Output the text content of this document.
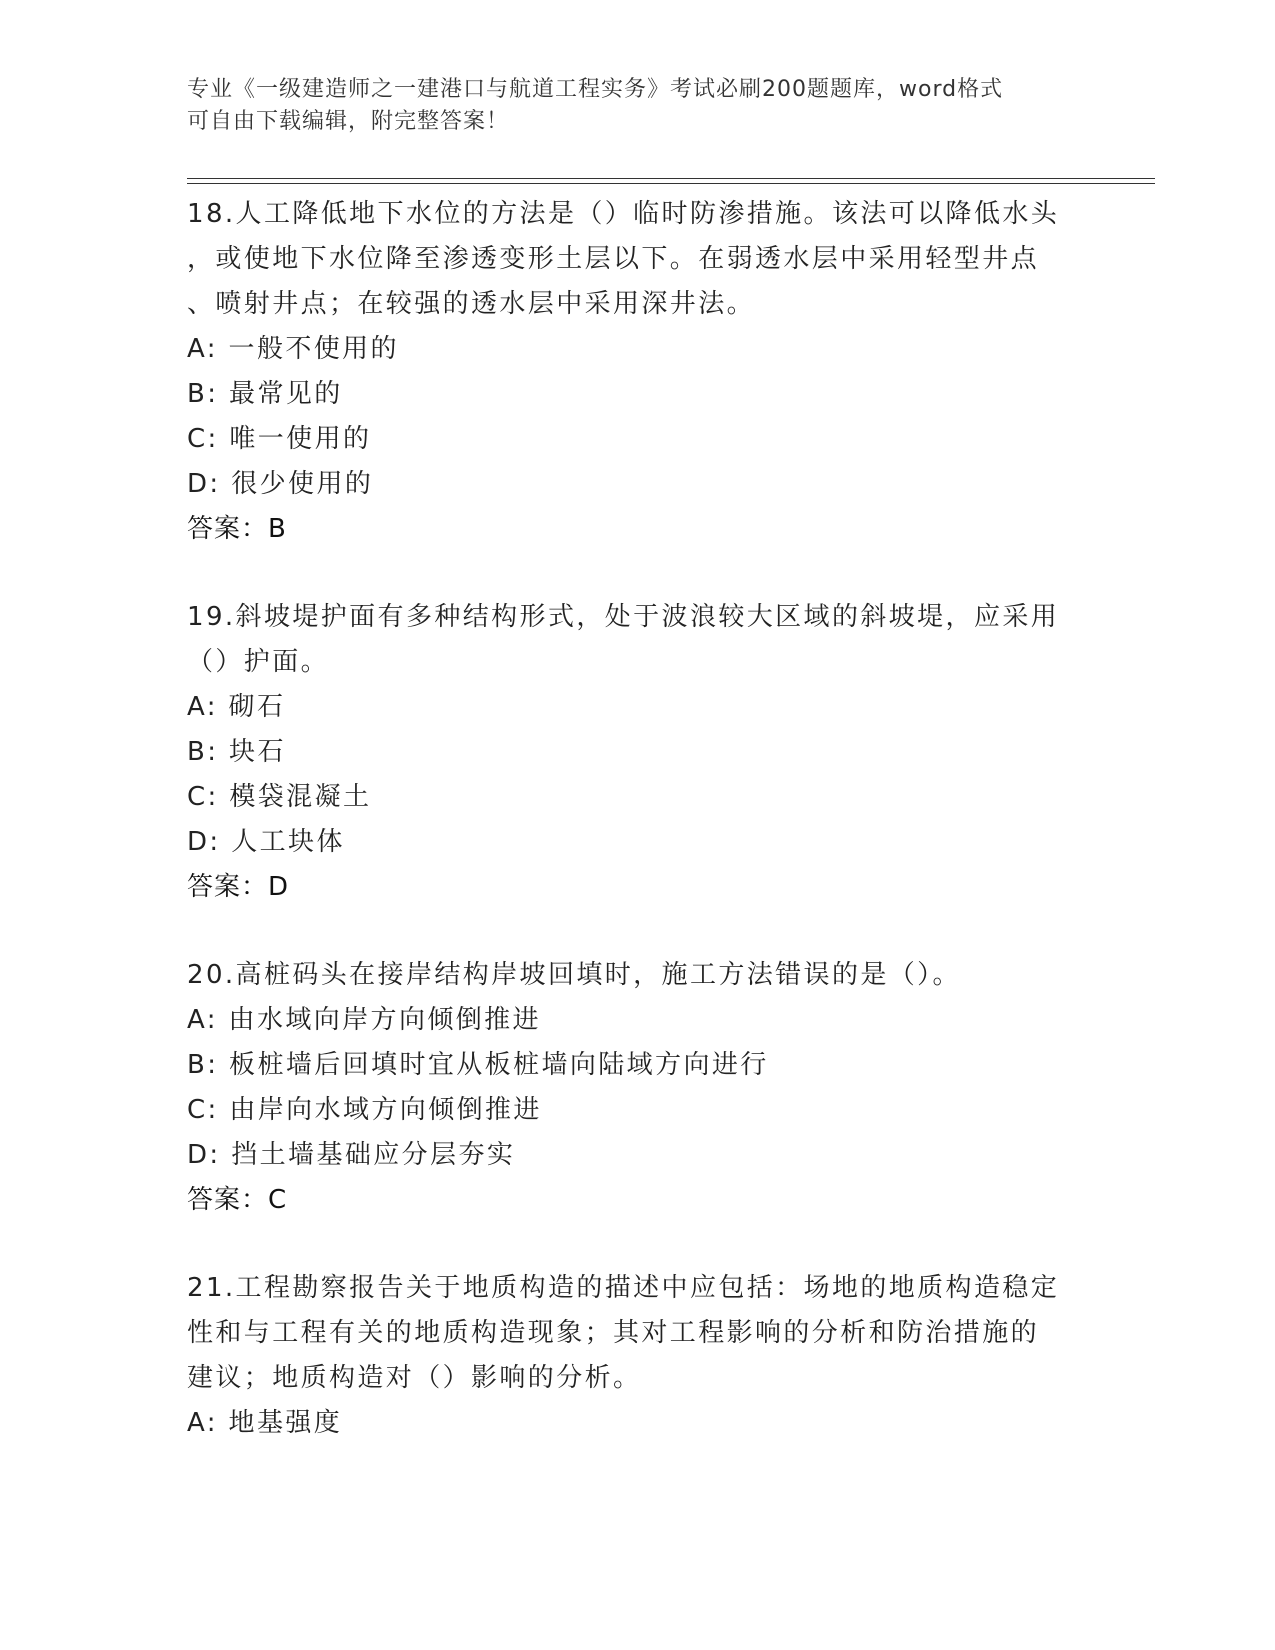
专业《一级建造师之一建港口与航道工程实务》考试必刷200题题库，word格式

可自由下载编辑，附完整答案！

18.人工降低地下水位的方法是（）临时防渗措施。该法可以降低水头

，或使地下水位降至渗透变形土层以下。在弱透水层中采用轻型井点

、喷射井点；在较强的透水层中采用深井法。

A: 一般不使用的

B: 最常见的

C: 唯一使用的

D: 很少使用的

答案：B

19.斜坡堤护面有多种结构形式，处于波浪较大区域的斜坡堤，应采用

（）护面。

A: 砌石

B: 块石

C: 模袋混凝土

D: 人工块体

答案：D

20.高桩码头在接岸结构岸坡回填时，施工方法错误的是（）。

A: 由水域向岸方向倾倒推进

B: 板桩墙后回填时宜从板桩墙向陆域方向进行

C: 由岸向水域方向倾倒推进

D: 挡土墙基础应分层夯实

答案：C

21.工程勘察报告关于地质构造的描述中应包括：场地的地质构造稳定

性和与工程有关的地质构造现象；其对工程影响的分析和防治措施的

建议；地质构造对（）影响的分析。

A: 地基强度
